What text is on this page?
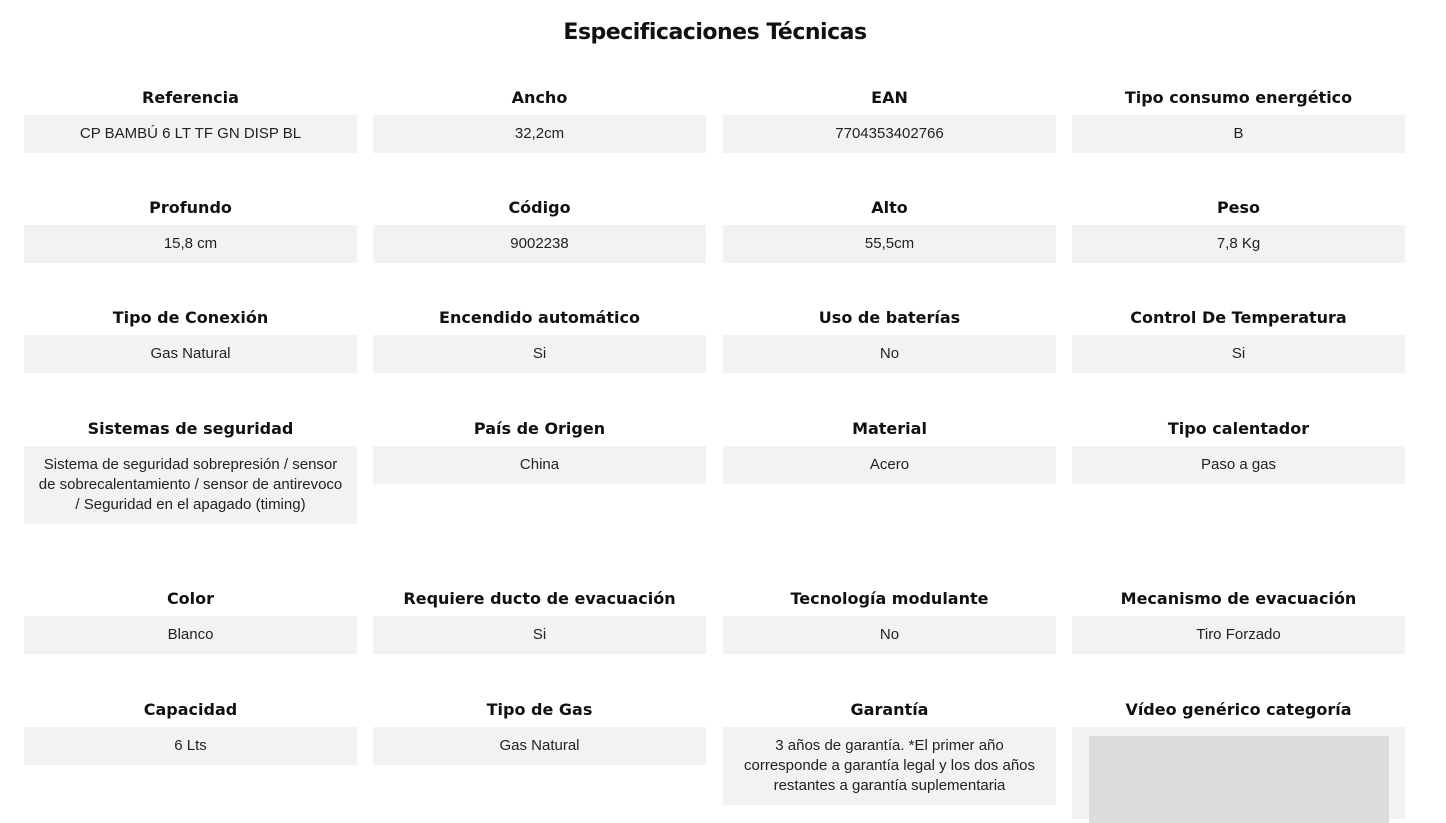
Especificaciones Técnicas
Referencia
CP BAMBÚ 6 LT TF GN DISP BL
Ancho
32,2cm
EAN
7704353402766
Tipo consumo energético
B
Profundo
15,8 cm
Código
9002238
Alto
55,5cm
Peso
7,8 Kg
Tipo de Conexión
Gas Natural
Encendido automático
Si
Uso de baterías
No
Control De Temperatura
Si
Sistemas de seguridad
Sistema de seguridad sobrepresión / sensor de sobrecalentamiento / sensor de antirevoco / Seguridad en el apagado (timing)
País de Origen
China
Material
Acero
Tipo calentador
Paso a gas
Color
Blanco
Requiere ducto de evacuación
Si
Tecnología modulante
No
Mecanismo de evacuación
Tiro Forzado
Capacidad
6 Lts
Tipo de Gas
Gas Natural
Garantía
3 años de garantía. *El primer año corresponde a garantía legal y los dos años restantes a garantía suplementaria
Vídeo genérico categoría
